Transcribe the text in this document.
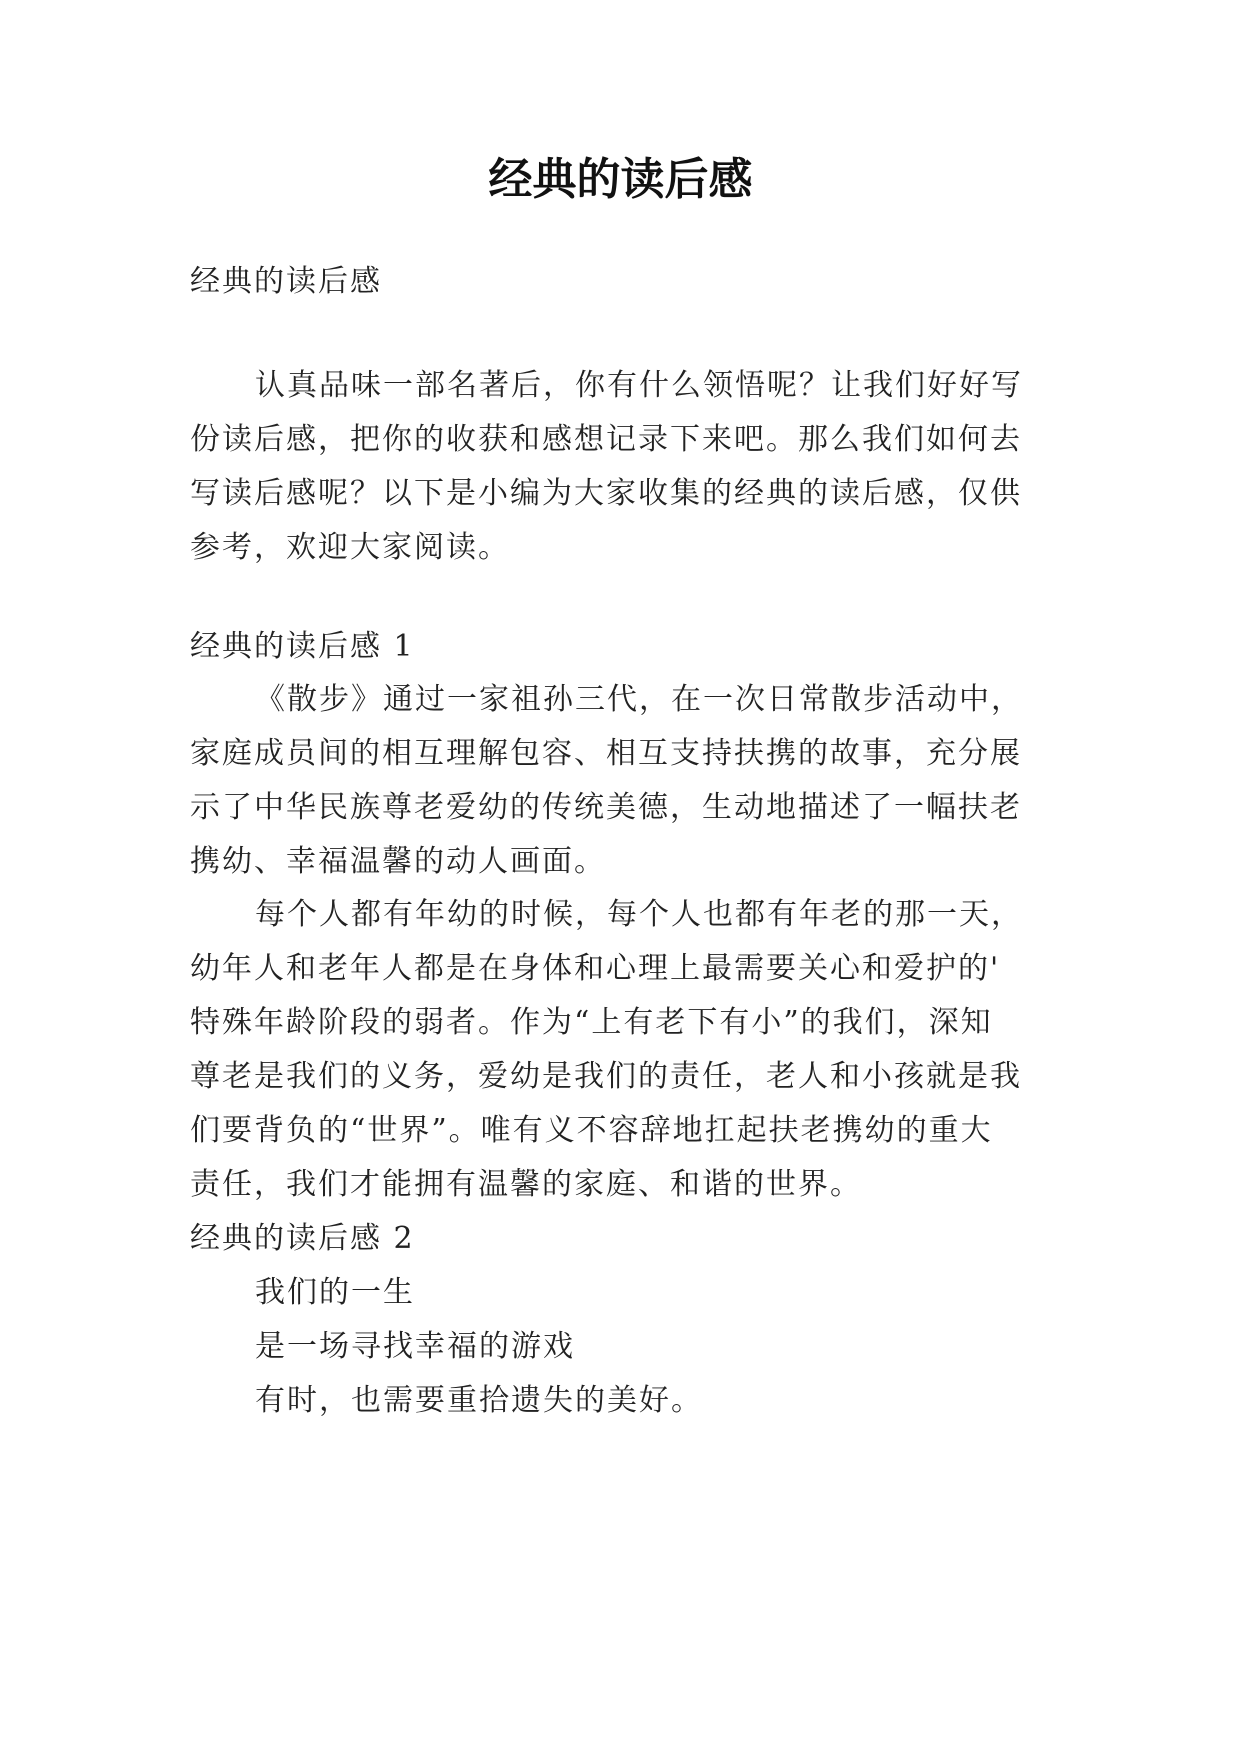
经典的读后感
经典的读后感
认真品味一部名著后，你有什么领悟呢？让我们好好写
份读后感，把你的收获和感想记录下来吧。那么我们如何去
写读后感呢？以下是小编为大家收集的经典的读后感，仅供
参考，欢迎大家阅读。
经典的读后感 1
《散步》通过一家祖孙三代，在一次日常散步活动中，
家庭成员间的相互理解包容、相互支持扶携的故事，充分展
示了中华民族尊老爱幼的传统美德，生动地描述了一幅扶老
携幼、幸福温馨的动人画面。
每个人都有年幼的时候，每个人也都有年老的那一天，
幼年人和老年人都是在身体和心理上最需要关心和爱护的'
特殊年龄阶段的弱者。作为“上有老下有小”的我们，深知
尊老是我们的义务，爱幼是我们的责任，老人和小孩就是我
们要背负的“世界”。唯有义不容辞地扛起扶老携幼的重大
责任，我们才能拥有温馨的家庭、和谐的世界。
经典的读后感 2
我们的一生
是一场寻找幸福的游戏
有时，也需要重拾遗失的美好。
